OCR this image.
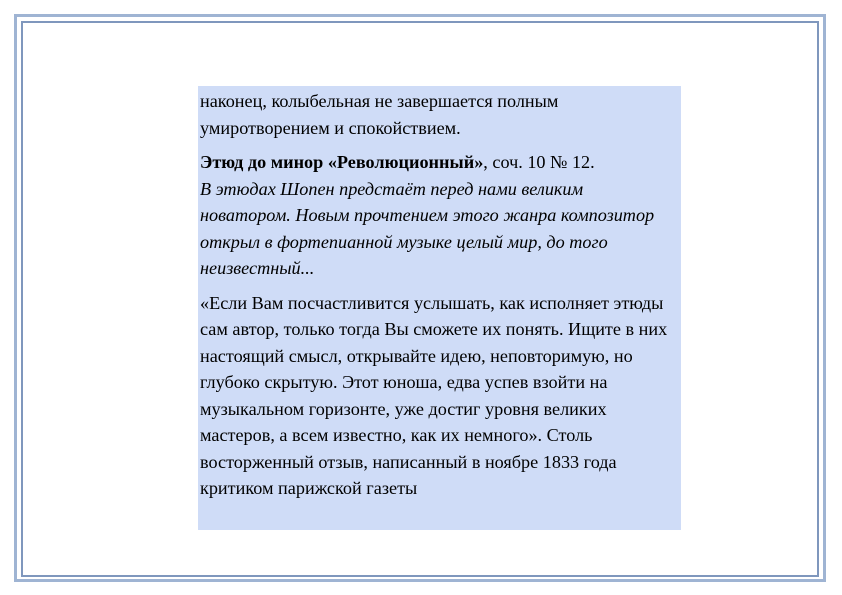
наконец, колыбельная не завершается полным умиротворением и спокойствием.

Этюд до минор «Революционный», соч. 10 № 12.
В этюдах Шопен предстаёт перед нами великим новатором. Новым прочтением этого жанра композитор открыл в фортепианной музыке целый мир, до того неизвестный...

«Если Вам посчастливится услышать, как исполняет этюды сам автор, только тогда Вы сможете их понять. Ищите в них настоящий смысл, открывайте идею, неповторимую, но глубоко скрытую. Этот юноша, едва успев взойти на музыкальном горизонте, уже достиг уровня великих мастеров, а всем известно, как их немного». Столь восторженный отзыв, написанный в ноябре 1833 года критиком парижской газеты
